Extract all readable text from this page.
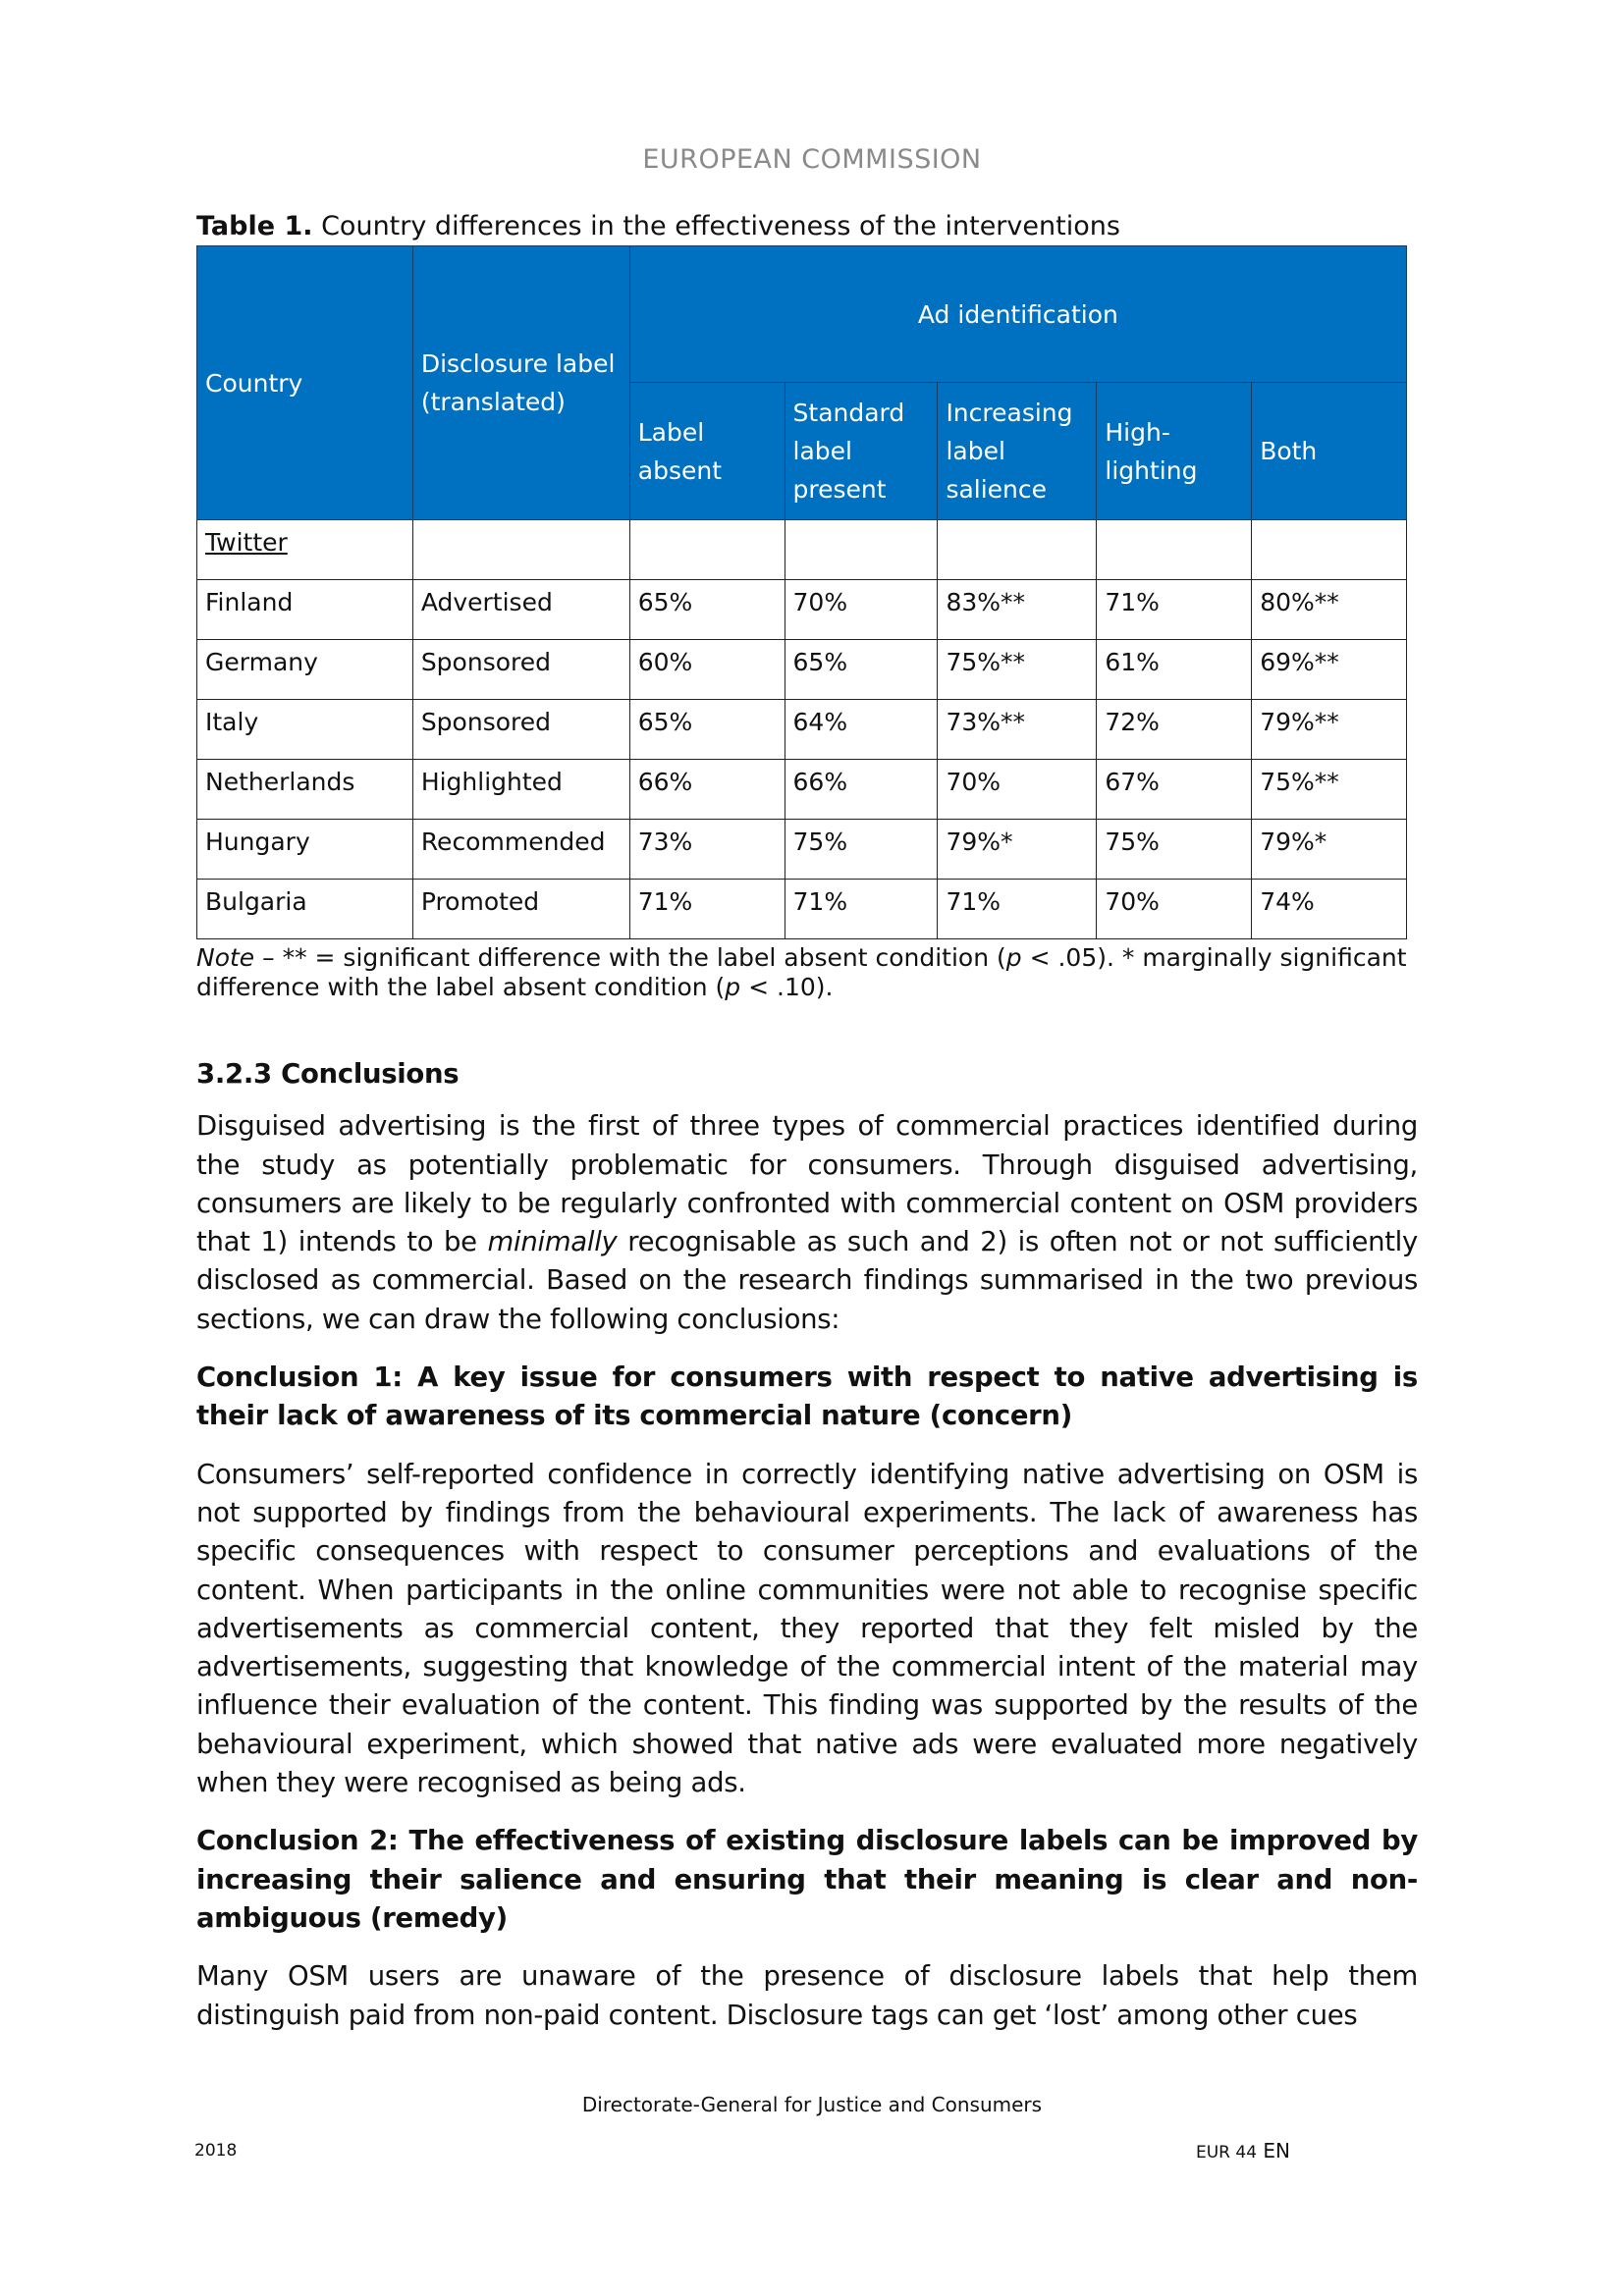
EUROPEAN COMMISSION
Table 1. Country differences in the effectiveness of the interventions
Country	Disclosure label (translated)	Ad identification				
		Label absent	Standard label present	Increasing label salience	High-lighting	Both
Twitter						
Finland	Advertised	65%	70%	83%**	71%	80%**
Germany	Sponsored	60%	65%	75%**	61%	69%**
Italy	Sponsored	65%	64%	73%**	72%	79%**
Netherlands	Highlighted	66%	66%	70%	67%	75%**
Hungary	Recommended	73%	75%	79%*	75%	79%*
Bulgaria	Promoted	71%	71%	71%	70%	74%
Note – ** = significant difference with the label absent condition (p < .05). * marginally significant difference with the label absent condition (p < .10).
3.2.3 Conclusions
Disguised advertising is the first of three types of commercial practices identified during the study as potentially problematic for consumers. Through disguised advertising, consumers are likely to be regularly confronted with commercial content on OSM providers that 1) intends to be minimally recognisable as such and 2) is often not or not sufficiently disclosed as commercial. Based on the research findings summarised in the two previous sections, we can draw the following conclusions:
Conclusion 1: A key issue for consumers with respect to native advertising is their lack of awareness of its commercial nature (concern)
Consumers’ self-reported confidence in correctly identifying native advertising on OSM is not supported by findings from the behavioural experiments. The lack of awareness has specific consequences with respect to consumer perceptions and evaluations of the content. When participants in the online communities were not able to recognise specific advertisements as commercial content, they reported that they felt misled by the advertisements, suggesting that knowledge of the commercial intent of the material may influence their evaluation of the content. This finding was supported by the results of the behavioural experiment, which showed that native ads were evaluated more negatively when they were recognised as being ads.
Conclusion 2: The effectiveness of existing disclosure labels can be improved by increasing their salience and ensuring that their meaning is clear and non-ambiguous (remedy)
Many OSM users are unaware of the presence of disclosure labels that help them distinguish paid from non-paid content. Disclosure tags can get ‘lost’ among other cues
Directorate-General for Justice and Consumers
2018	EUR 44 EN
